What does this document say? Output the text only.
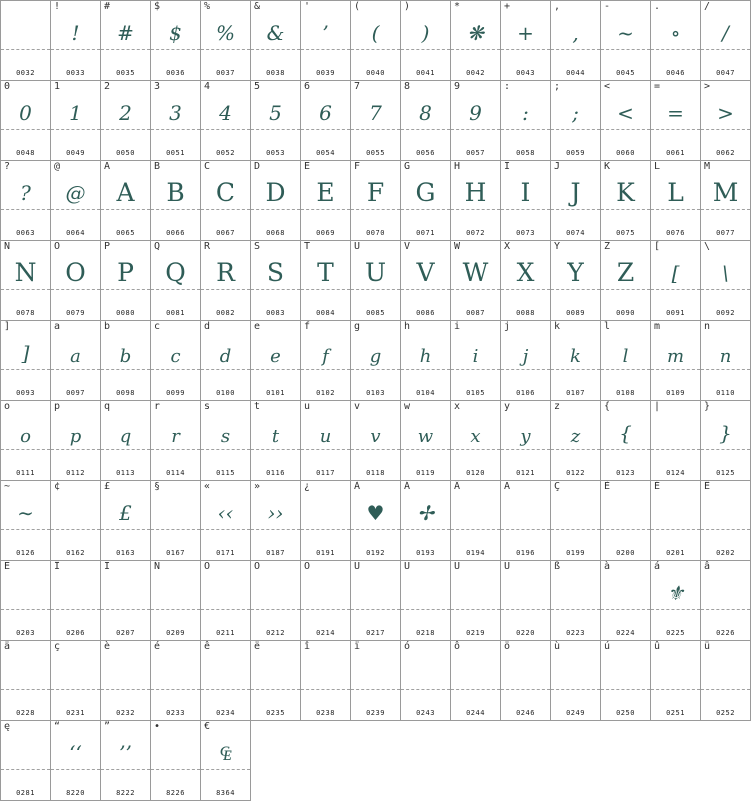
0032
!
!
0033
#
#
0035
$
$
0036
%
%
0037
&
&
0038
'
’
0039
(
(
0040
)
)
0041
*
❋
0042
+
+
0043
,
,
0044
-
~
0045
.
∘
0046
/
/
0047
0
0
0048
1
1
0049
2
2
0050
3
3
0051
4
4
0052
5
5
0053
6
6
0054
7
7
0055
8
8
0056
9
9
0057
:
:
0058
;
;
0059
<
<
0060
=
=
0061
>
>
0062
?
?
0063
@
@
0064
A
A
0065
B
B
0066
C
C
0067
D
D
0068
E
E
0069
F
F
0070
G
G
0071
H
H
0072
I
I
0073
J
J
0074
K
K
0075
L
L
0076
M
M
0077
N
N
0078
O
O
0079
P
P
0080
Q
Q
0081
R
R
0082
S
S
0083
T
T
0084
U
U
0085
V
V
0086
W
W
0087
X
X
0088
Y
Y
0089
Z
Z
0090
[
[
0091
\
\
0092
]
]
0093
a
a
0097
b
b
0098
c
c
0099
d
d
0100
e
e
0101
f
f
0102
g
g
0103
h
h
0104
i
i
0105
j
j
0106
k
k
0107
l
l
0108
m
m
0109
n
n
0110
o
o
0111
p
p
0112
q
q
0113
r
r
0114
s
s
0115
t
t
0116
u
u
0117
v
v
0118
w
w
0119
x
x
0120
y
y
0121
z
z
0122
{
{
0123
|
0124
}
}
0125
~
∼
0126
¢
0162
£
£
0163
§
0167
«
‹‹
0171
»
››
0187
¿
0191
À
♥
0192
Á
✢
0193
Â
0194
Ä
0196
Ç
0199
È
0200
É
0201
Ê
0202
Ë
0203
Î
0206
Ï
0207
Ñ
0209
Ó
0211
Ô
0212
Ö
0214
Ù
0217
Ú
0218
Û
0219
Ü
0220
ß
0223
à
0224
á
⚜
0225
â
0226
ä
0228
ç
0231
è
0232
é
0233
ê
0234
ë
0235
î
0238
ï
0239
ó
0243
ô
0244
ö
0246
ù
0249
ú
0250
û
0251
ü
0252
ę
0281
“
‘‘
8220
”
’’
8222
•
8226
€
₠
8364
